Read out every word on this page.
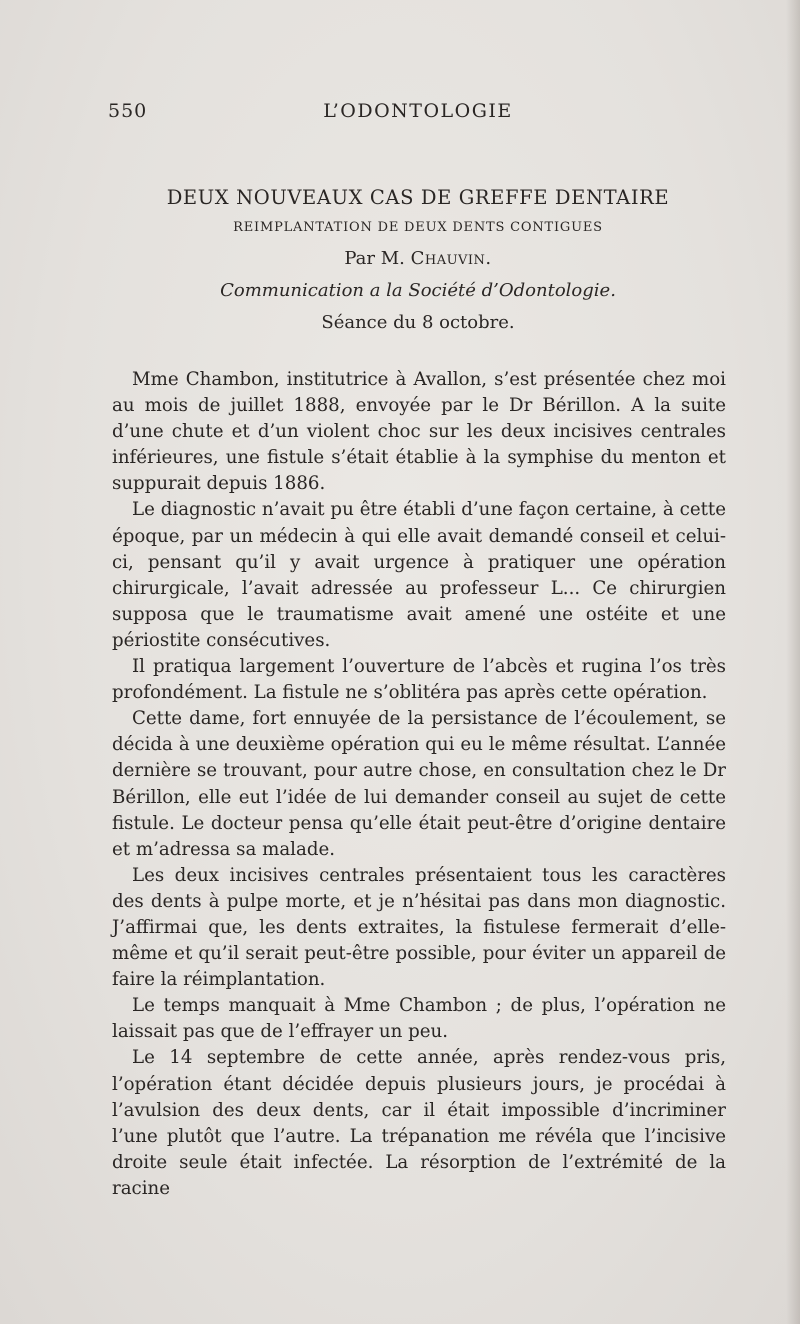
550	L’ODONTOLOGIE
DEUX NOUVEAUX CAS DE GREFFE DENTAIRE

REIMPLANTATION DE DEUX DENTS CONTIGUES

Par M. Chauvin.

Communication a la Société d’Odontologie.

Séance du 8 octobre.

Mme Chambon, institutrice à Avallon, s’est présentée chez moi au mois de juillet 1888, envoyée par le Dr Bérillon. A la suite d’une chute et d’un violent choc sur les deux incisives centrales inférieures, une fistule s’était établie à la symphise du menton et suppurait depuis 1886.

Le diagnostic n’avait pu être établi d’une façon certaine, à cette époque, par un médecin à qui elle avait demandé conseil et celui-ci, pensant qu’il y avait urgence à pratiquer une opération chirurgicale, l’avait adressée au professeur L... Ce chirurgien supposa que le traumatisme avait amené une ostéite et une périostite consécutives.

Il pratiqua largement l’ouverture de l’abcès et rugina l’os très profondément. La fistule ne s’oblitéra pas après cette opération.

Cette dame, fort ennuyée de la persistance de l’écoulement, se décida à une deuxième opération qui eu le même résultat. L’année dernière se trouvant, pour autre chose, en consultation chez le Dr Bérillon, elle eut l’idée de lui demander conseil au sujet de cette fistule. Le docteur pensa qu’elle était peut-être d’origine dentaire et m’adressa sa malade.

Les deux incisives centrales présentaient tous les caractères des dents à pulpe morte, et je n’hésitai pas dans mon diagnostic. J’affirmai que, les dents extraites, la fistulese fermerait d’elle-même et qu’il serait peut-être possible, pour éviter un appareil de faire la réimplantation.

Le temps manquait à Mme Chambon ; de plus, l’opération ne laissait pas que de l’effrayer un peu.

Le 14 septembre de cette année, après rendez-vous pris, l’opération étant décidée depuis plusieurs jours, je procédai à l’avulsion des deux dents, car il était impossible d’incriminer l’une plutôt que l’autre. La trépanation me révéla que l’incisive droite seule était infectée. La résorption de l’extrémité de la racine
